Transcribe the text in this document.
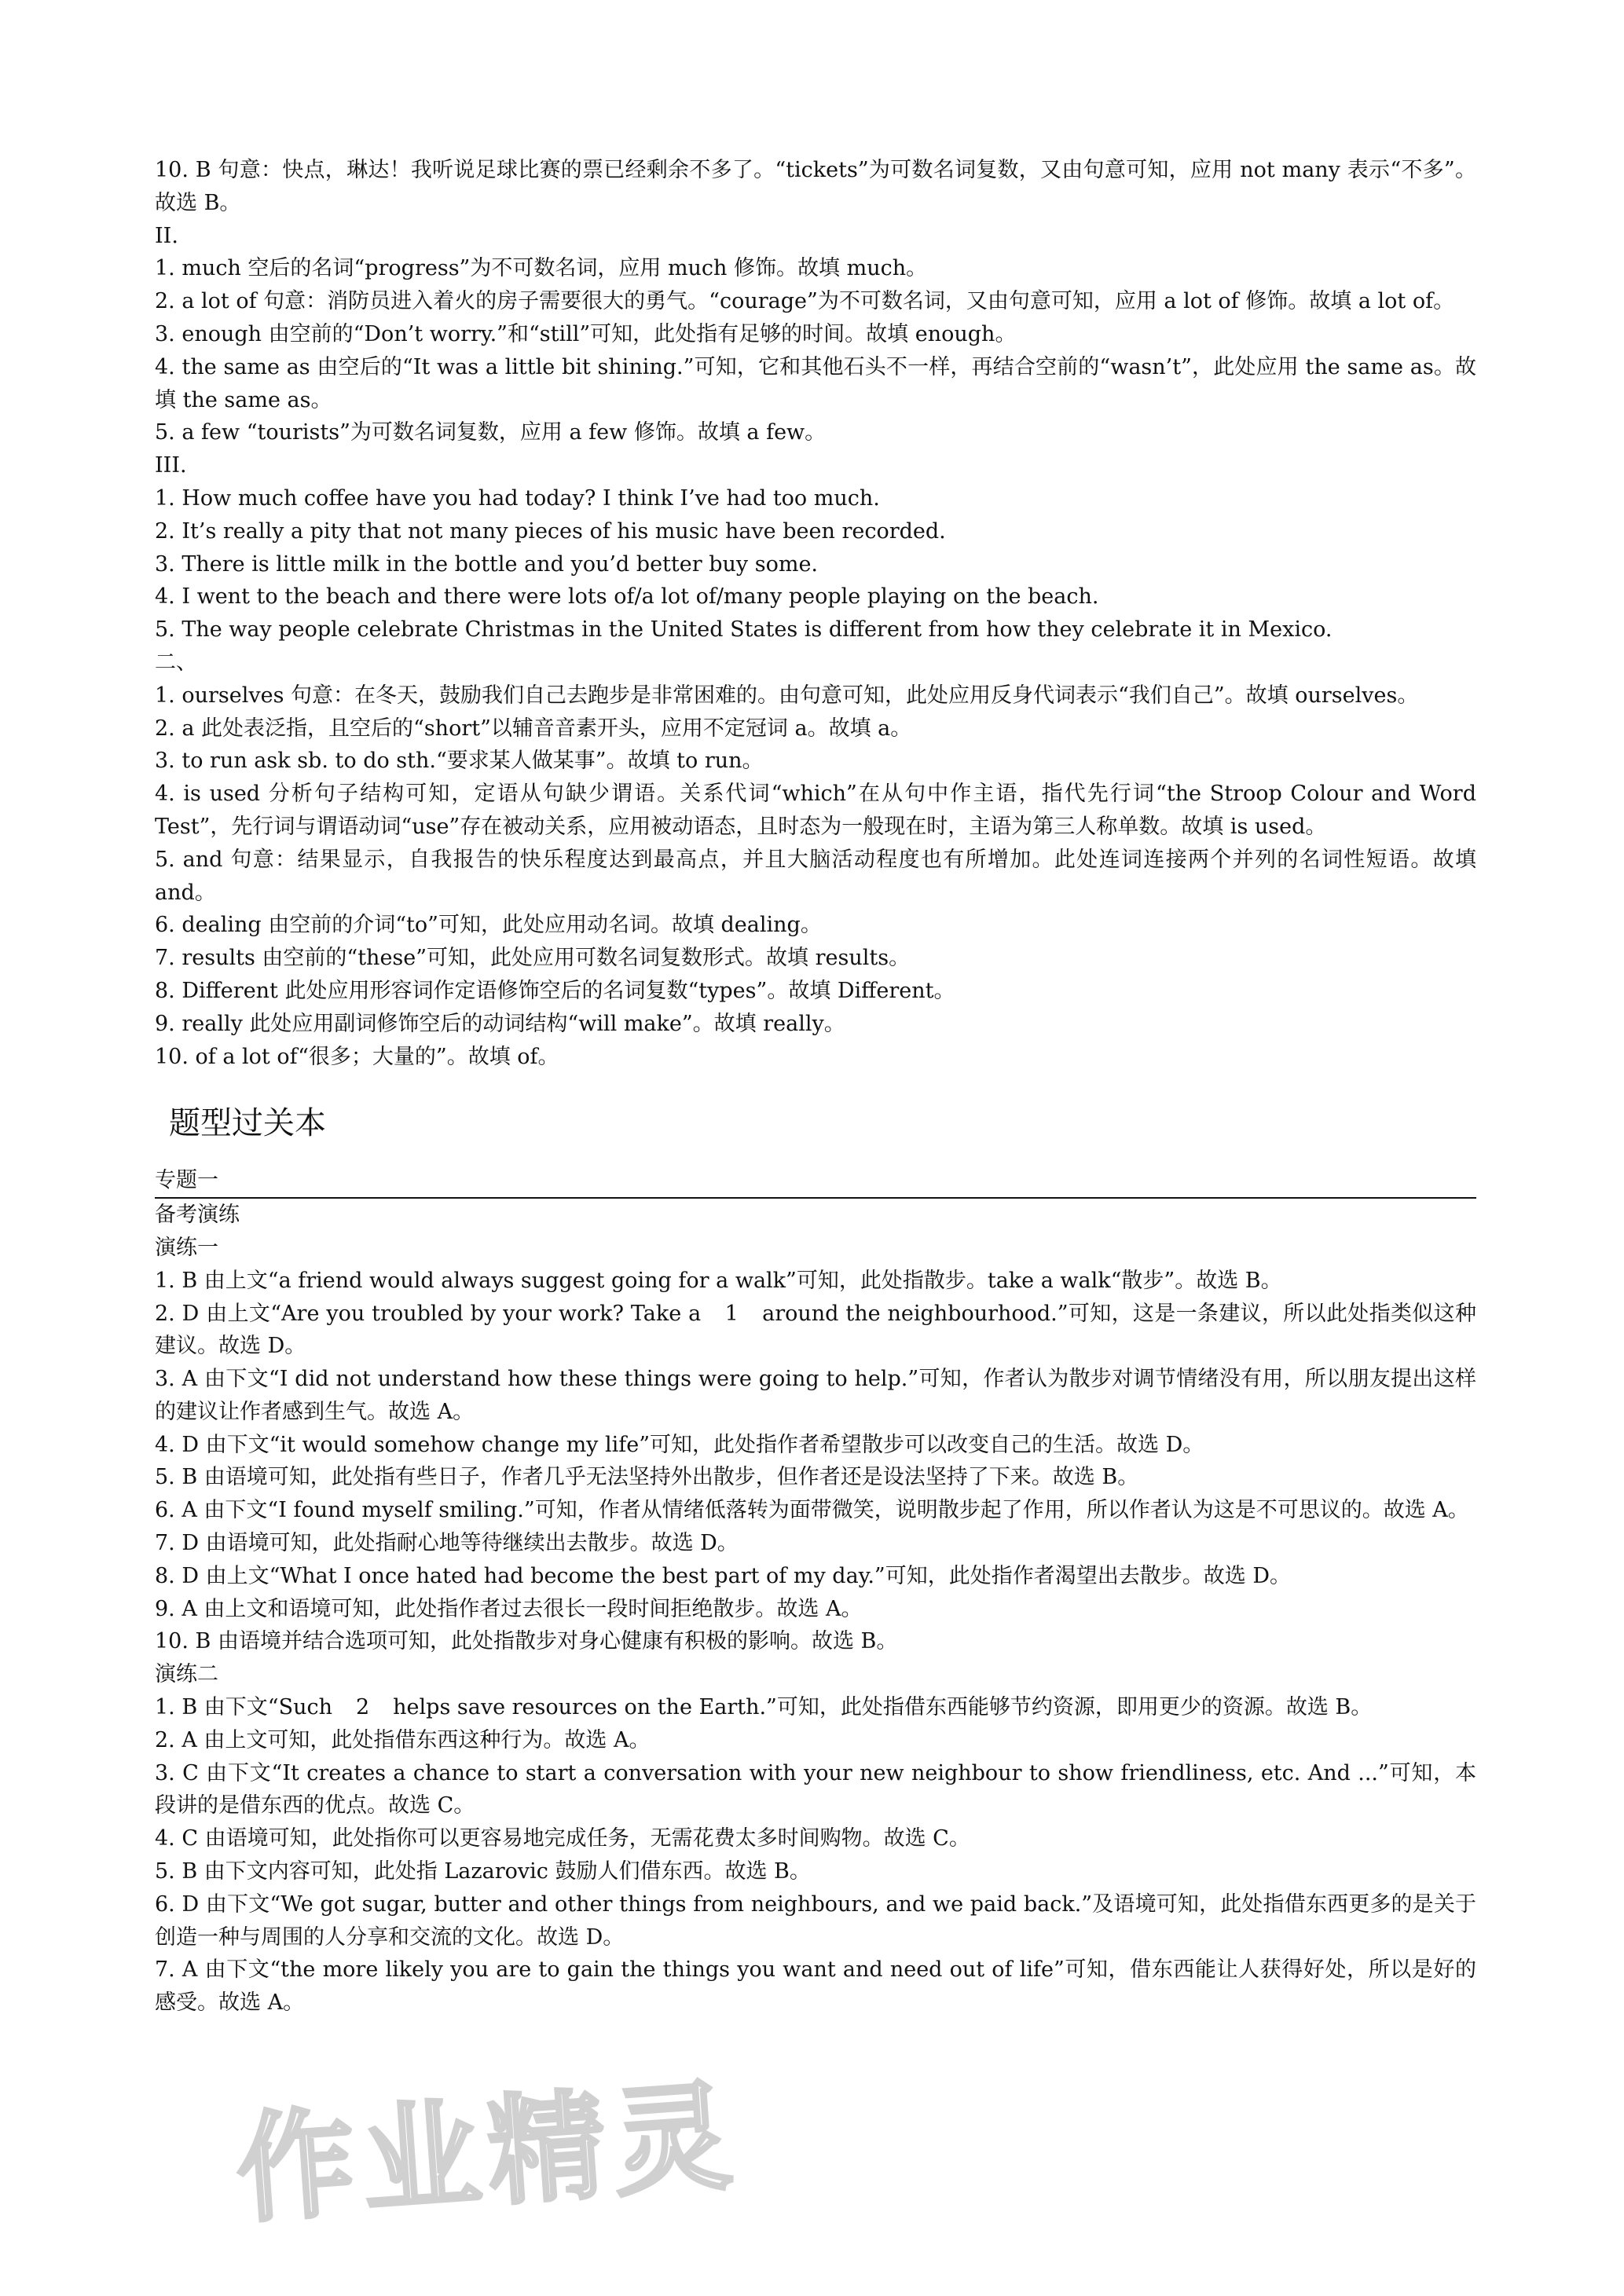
10. B 句意：快点，琳达！我听说足球比赛的票已经剩余不多了。“tickets”为可数名词复数，又由句意可知，应用 not many 表示“不多”。故选 B。

II.

1. much 空后的名词“progress”为不可数名词，应用 much 修饰。故填 much。

2. a lot of 句意：消防员进入着火的房子需要很大的勇气。“courage”为不可数名词，又由句意可知，应用 a lot of 修饰。故填 a lot of。

3. enough 由空前的“Don’t worry.”和“still”可知，此处指有足够的时间。故填 enough。

4. the same as 由空后的“It was a little bit shining.”可知，它和其他石头不一样，再结合空前的“wasn’t”，此处应用 the same as。故填 the same as。

5. a few “tourists”为可数名词复数，应用 a few 修饰。故填 a few。

III.

1. How much coffee have you had today? I think I’ve had too much.

2. It’s really a pity that not many pieces of his music have been recorded.

3. There is little milk in the bottle and you’d better buy some.

4. I went to the beach and there were lots of/a lot of/many people playing on the beach.

5. The way people celebrate Christmas in the United States is different from how they celebrate it in Mexico.

二、

1. ourselves 句意：在冬天，鼓励我们自己去跑步是非常困难的。由句意可知，此处应用反身代词表示“我们自己”。故填 ourselves。

2. a 此处表泛指，且空后的“short”以辅音音素开头，应用不定冠词 a。故填 a。

3. to run ask sb. to do sth.“要求某人做某事”。故填 to run。

4. is used 分析句子结构可知，定语从句缺少谓语。关系代词“which”在从句中作主语，指代先行词“the Stroop Colour and Word Test”，先行词与谓语动词“use”存在被动关系，应用被动语态，且时态为一般现在时，主语为第三人称单数。故填 is used。

5. and 句意：结果显示，自我报告的快乐程度达到最高点，并且大脑活动程度也有所增加。此处连词连接两个并列的名词性短语。故填 and。

6. dealing 由空前的介词“to”可知，此处应用动名词。故填 dealing。

7. results 由空前的“these”可知，此处应用可数名词复数形式。故填 results。

8. Different 此处应用形容词作定语修饰空后的名词复数“types”。故填 Different。

9. really 此处应用副词修饰空后的动词结构“will make”。故填 really。

10. of a lot of“很多；大量的”。故填 of。

题型过关本

专题一

备考演练

演练一

1. B 由上文“a friend would always suggest going for a walk”可知，此处指散步。take a walk“散步”。故选 B。

2. D 由上文“Are you troubled by your work? Take a 1 around the neighbourhood.”可知，这是一条建议，所以此处指类似这种建议。故选 D。

3. A 由下文“I did not understand how these things were going to help.”可知，作者认为散步对调节情绪没有用，所以朋友提出这样的建议让作者感到生气。故选 A。

4. D 由下文“it would somehow change my life”可知，此处指作者希望散步可以改变自己的生活。故选 D。

5. B 由语境可知，此处指有些日子，作者几乎无法坚持外出散步，但作者还是设法坚持了下来。故选 B。

6. A 由下文“I found myself smiling.”可知，作者从情绪低落转为面带微笑，说明散步起了作用，所以作者认为这是不可思议的。故选 A。

7. D 由语境可知，此处指耐心地等待继续出去散步。故选 D。

8. D 由上文“What I once hated had become the best part of my day.”可知，此处指作者渴望出去散步。故选 D。

9. A 由上文和语境可知，此处指作者过去很长一段时间拒绝散步。故选 A。

10. B 由语境并结合选项可知，此处指散步对身心健康有积极的影响。故选 B。

演练二

1. B 由下文“Such 2 helps save resources on the Earth.”可知，此处指借东西能够节约资源，即用更少的资源。故选 B。

2. A 由上文可知，此处指借东西这种行为。故选 A。

3. C 由下文“It creates a chance to start a conversation with your new neighbour to show friendliness, etc. And ...”可知，本段讲的是借东西的优点。故选 C。

4. C 由语境可知，此处指你可以更容易地完成任务，无需花费太多时间购物。故选 C。

5. B 由下文内容可知，此处指 Lazarovic 鼓励人们借东西。故选 B。

6. D 由下文“We got sugar, butter and other things from neighbours, and we paid back.”及语境可知，此处指借东西更多的是关于创造一种与周围的人分享和交流的文化。故选 D。

7. A 由下文“the more likely you are to gain the things you want and need out of life”可知，借东西能让人获得好处，所以是好的感受。故选 A。

作业精灵
